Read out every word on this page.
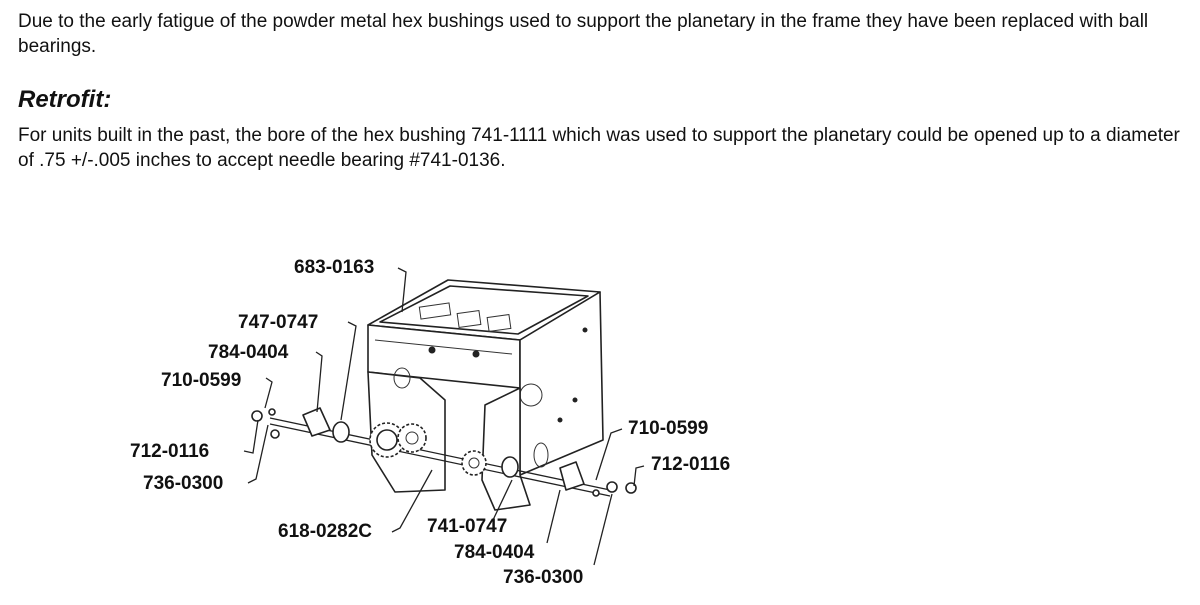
Due to the early fatigue of the powder metal hex bushings used to support the planetary in the frame they have been replaced with ball bearings.

Retrofit:

For units built in the past, the bore of the hex bushing 741-1111 which was used to support the planetary could be opened up to a diameter of .75 +/-.005 inches to accept needle bearing #741-0136.

683-0163
747-0747
784-0404
710-0599
712-0116
736-0300
618-0282C	741-0747
784-0404
736-0300
710-0599
712-0116
